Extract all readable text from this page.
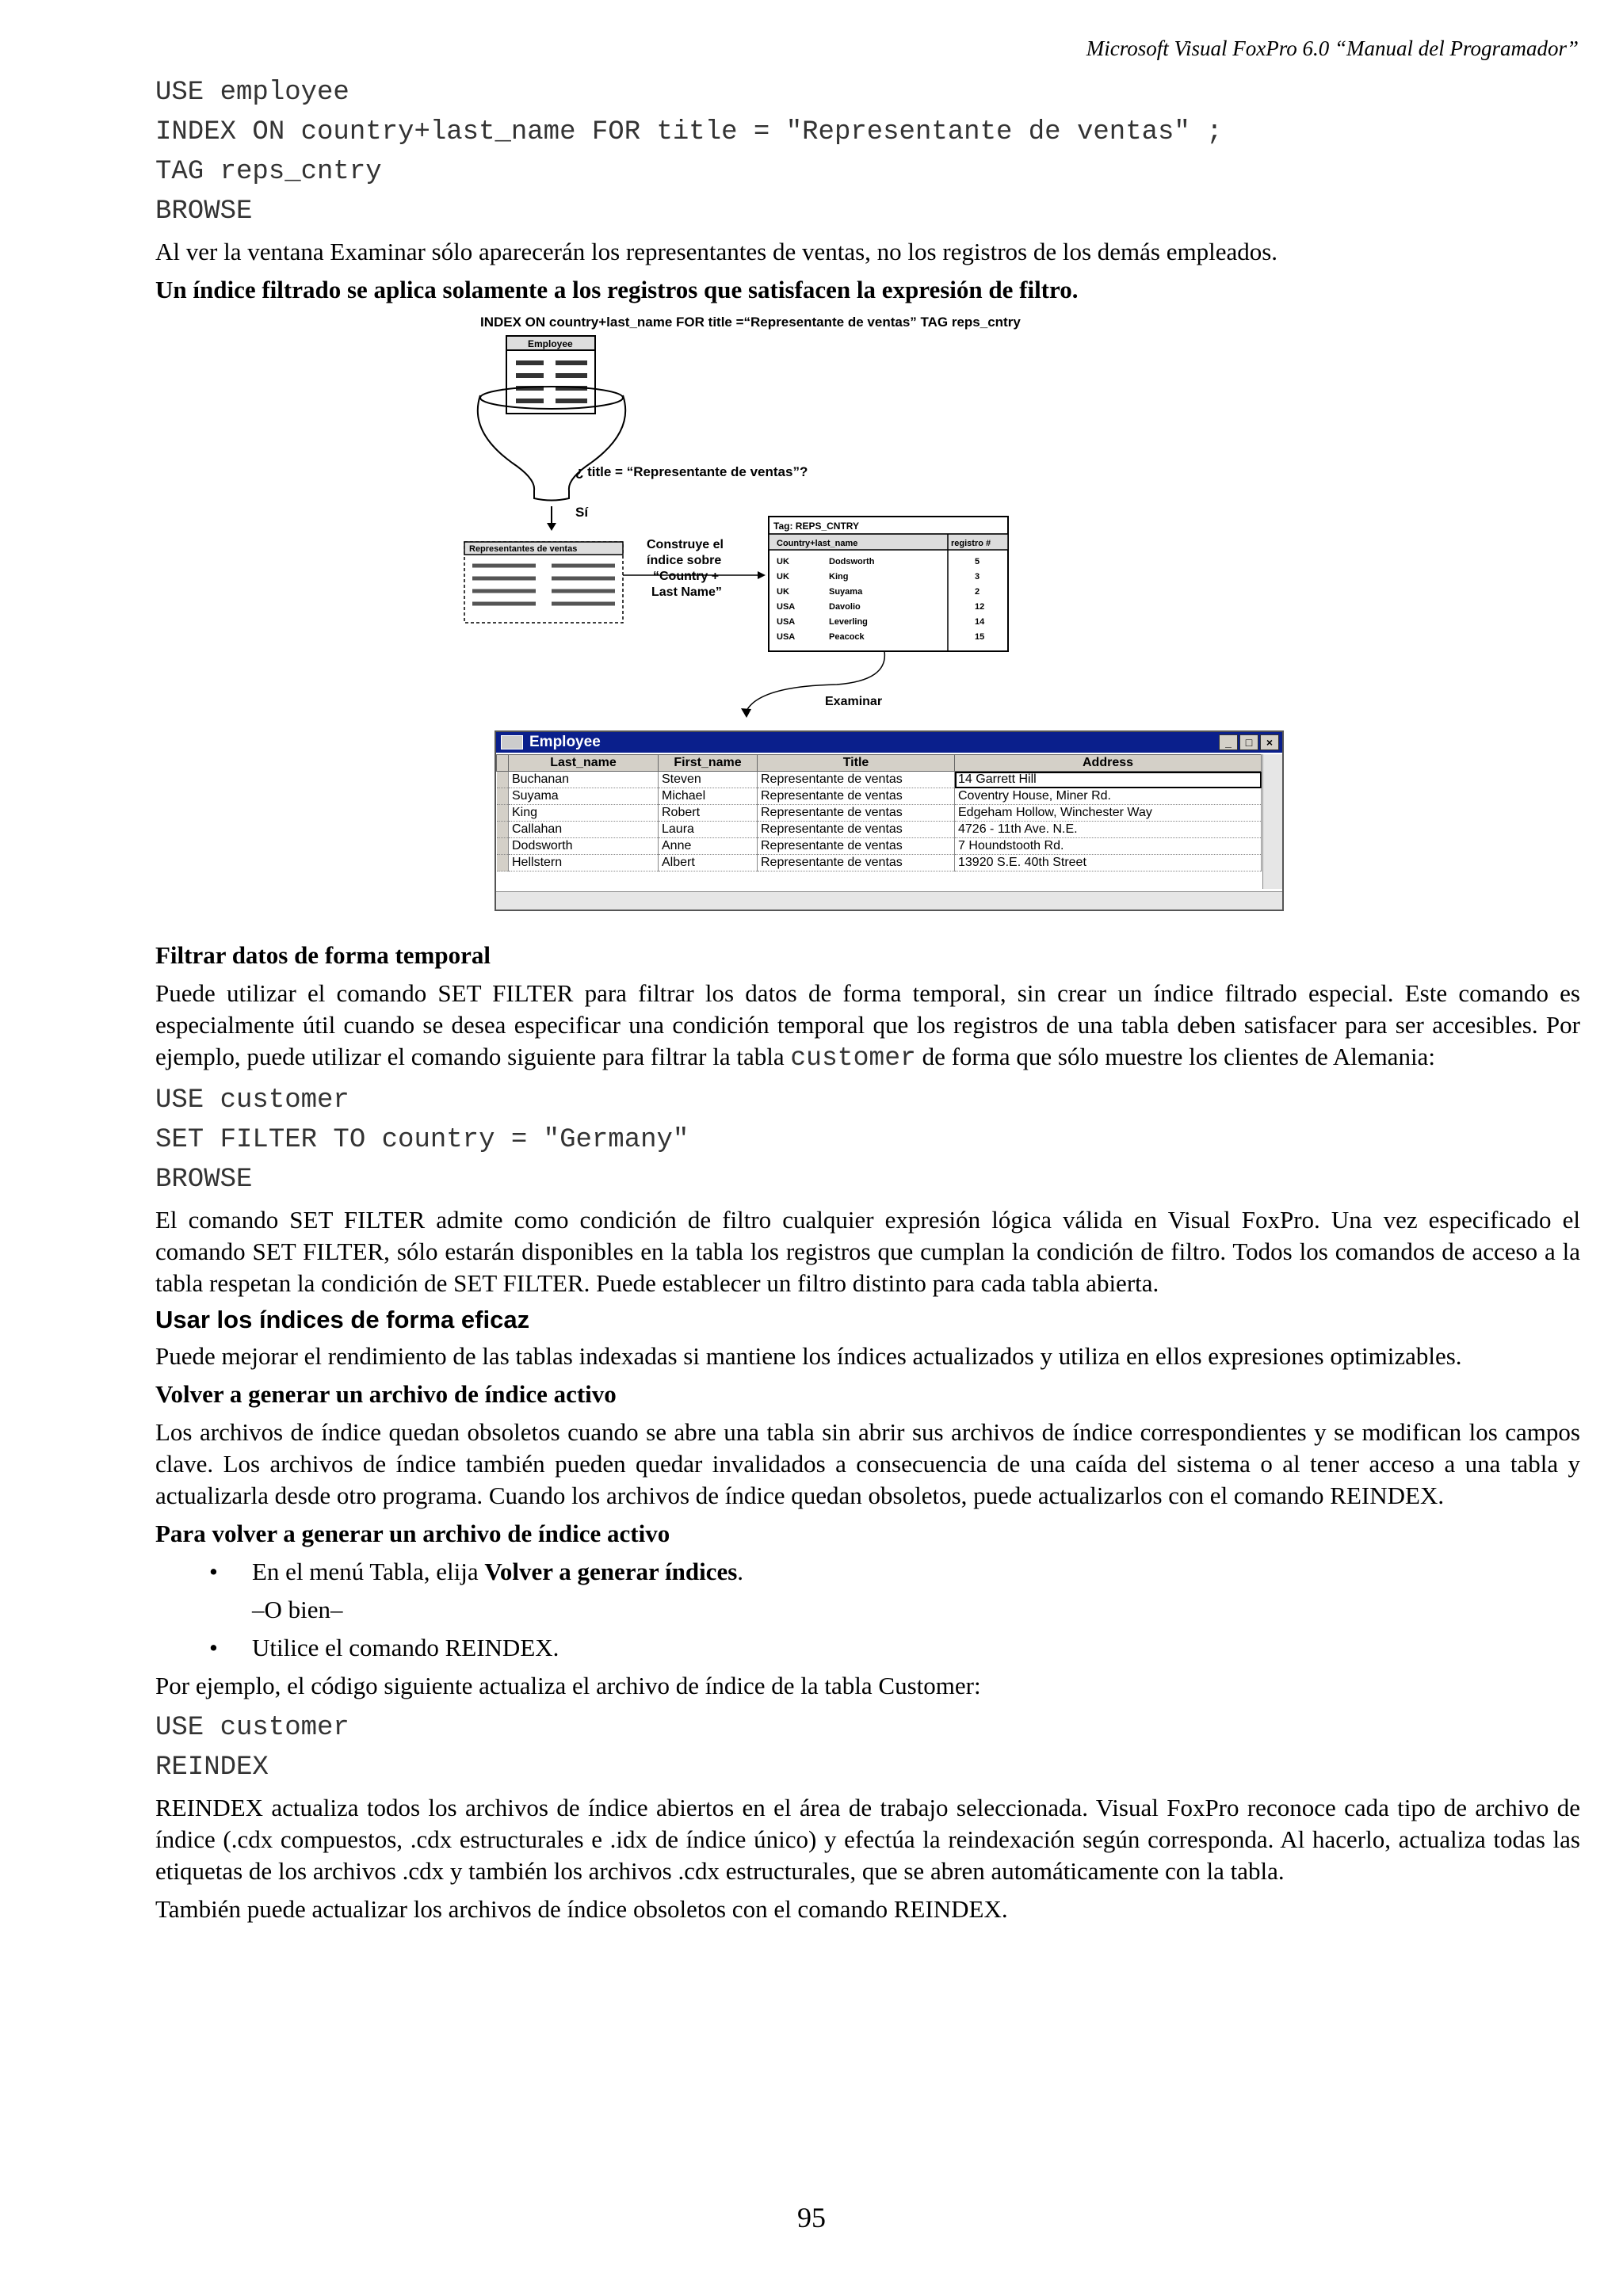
Microsoft Visual FoxPro 6.0 “Manual del Programador”
USE employee
INDEX ON country+last_name FOR title = "Representante de ventas" ;
TAG reps_cntry
BROWSE
Al ver la ventana Examinar sólo aparecerán los representantes de ventas, no los registros de los demás empleados.
Un índice filtrado se aplica solamente a los registros que satisfacen la expresión de filtro.
INDEX ON country+last_name FOR title =“Representante de ventas” TAG reps_cntry
Employee
¿ title = “Representante de ventas”?
Sí
Representantes de ventas	Construye el índice sobre “Country + Last Name”
Tag: REPS_CNTRY
Country+last_name	registro #
UK	Dodsworth	5
UK	King	3
UK	Suyama	2
USA	Davolio	12
USA	Leverling	14
USA	Peacock	15
Examinar
Employee	_	□	×
	Last_name	First_name	Title	Address
	Buchanan	Steven	Representante de ventas	14 Garrett Hill
	Suyama	Michael	Representante de ventas	Coventry House, Miner Rd.
	King	Robert	Representante de ventas	Edgeham Hollow, Winchester Way
	Callahan	Laura	Representante de ventas	4726 - 11th Ave. N.E.
	Dodsworth	Anne	Representante de ventas	7 Houndstooth Rd.
	Hellstern	Albert	Representante de ventas	13920 S.E. 40th Street
Filtrar datos de forma temporal
Puede utilizar el comando SET FILTER para filtrar los datos de forma temporal, sin crear un índice filtrado especial. Este comando es especialmente útil cuando se desea especificar una condición temporal que los registros de una tabla deben satisfacer para ser accesibles. Por ejemplo, puede utilizar el comando siguiente para filtrar la tabla customer de forma que sólo muestre los clientes de Alemania:
USE customer
SET FILTER TO country = "Germany"
BROWSE
El comando SET FILTER admite como condición de filtro cualquier expresión lógica válida en Visual FoxPro. Una vez especificado el comando SET FILTER, sólo estarán disponibles en la tabla los registros que cumplan la condición de filtro. Todos los comandos de acceso a la tabla respetan la condición de SET FILTER. Puede establecer un filtro distinto para cada tabla abierta.
Usar los índices de forma eficaz
Puede mejorar el rendimiento de las tablas indexadas si mantiene los índices actualizados y utiliza en ellos expresiones optimizables.
Volver a generar un archivo de índice activo
Los archivos de índice quedan obsoletos cuando se abre una tabla sin abrir sus archivos de índice correspondientes y se modifican los campos clave. Los archivos de índice también pueden quedar invalidados a consecuencia de una caída del sistema o al tener acceso a una tabla y actualizarla desde otro programa. Cuando los archivos de índice quedan obsoletos, puede actualizarlos con el comando REINDEX.
Para volver a generar un archivo de índice activo
• En el menú Tabla, elija Volver a generar índices.
–O bien–
• Utilice el comando REINDEX.
Por ejemplo, el código siguiente actualiza el archivo de índice de la tabla Customer:
USE customer
REINDEX
REINDEX actualiza todos los archivos de índice abiertos en el área de trabajo seleccionada. Visual FoxPro reconoce cada tipo de archivo de índice (.cdx compuestos, .cdx estructurales e .idx de índice único) y efectúa la reindexación según corresponda. Al hacerlo, actualiza todas las etiquetas de los archivos .cdx y también los archivos .cdx estructurales, que se abren automáticamente con la tabla.
También puede actualizar los archivos de índice obsoletos con el comando REINDEX.
95
